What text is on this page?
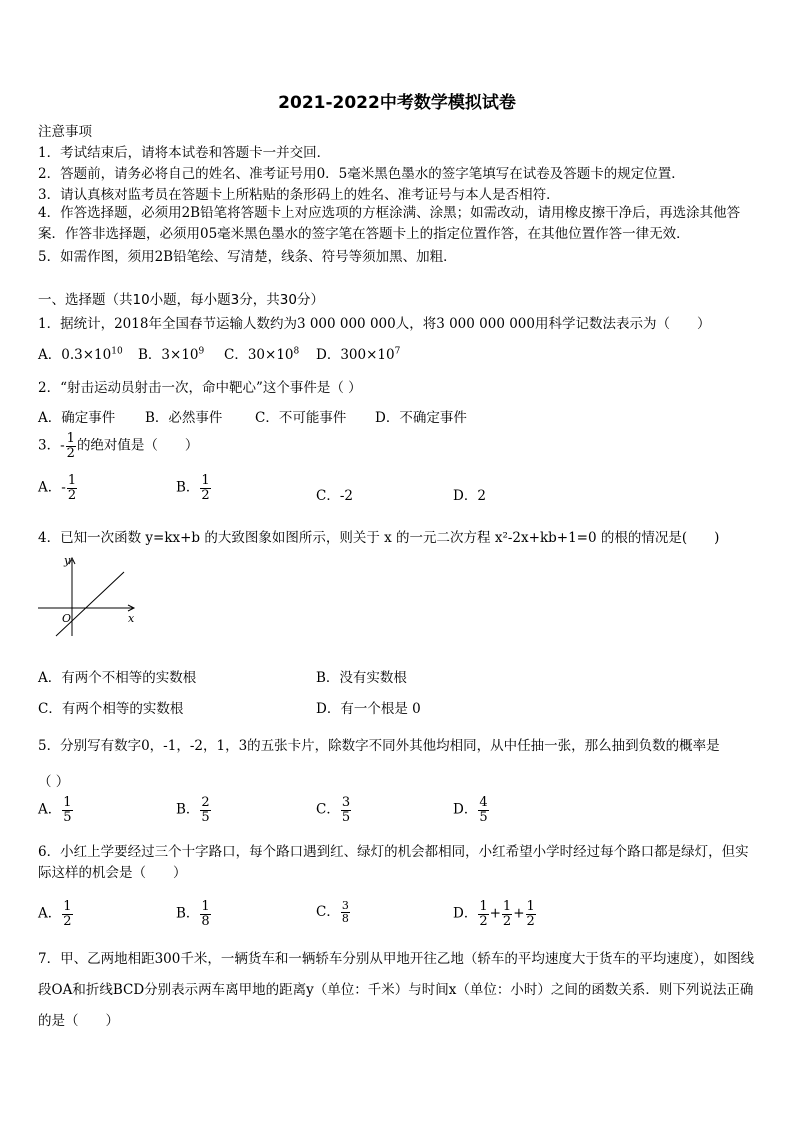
2021-2022中考数学模拟试卷
注意事项
1．考试结束后，请将本试卷和答题卡一并交回．
2．答题前，请务必将自己的姓名、准考证号用0．5毫米黑色墨水的签字笔填写在试卷及答题卡的规定位置．
3．请认真核对监考员在答题卡上所粘贴的条形码上的姓名、准考证号与本人是否相符．
4．作答选择题，必须用2B铅笔将答题卡上对应选项的方框涂满、涂黑；如需改动，请用橡皮擦干净后，再选涂其他答案．作答非选择题，必须用05毫米黑色墨水的签字笔在答题卡上的指定位置作答，在其他位置作答一律无效．
5．如需作图，须用2B铅笔绘、写清楚，线条、符号等须加黑、加粗．
一、选择题（共10小题，每小题3分，共30分）
1．据统计，2018年全国春节运输人数约为3 000 000 000人，将3 000 000 000用科学记数法表示为（　　）
A．$0.3\times 10^{10}$ B．$3\times 10^9$ C．$30\times 10^8$ D．$300\times 10^7$
2．“射击运动员射击一次，命中靶心”这个事件是（ ）
A．确定事件 B．必然事件 C．不可能事件 D．不确定事件
3．- $\frac{1}{2}$ 的绝对值是（　　）
A．- $\frac{1}{2}$	B． $\frac{1}{2}$	C．-2	D．2
4．已知一次函数 y=kx+b 的大致图象如图所示，则关于 x 的一元二次方程 x²-2x+kb+1=0 的根的情况是(　　)
y
x
O
A．有两个不相等的实数根	B．没有实数根
C．有两个相等的实数根	D．有一个根是 0
5．分别写有数字0，-1，-2，1，3的五张卡片，除数字不同外其他均相同，从中任抽一张，那么抽到负数的概率是
（ ）
A． $\frac{1}{5}$	B． $\frac{2}{5}$	C． $\frac{3}{5}$	D． $\frac{4}{5}$
6．小红上学要经过三个十字路口，每个路口遇到红、绿灯的机会都相同，小红希望小学时经过每个路口都是绿灯，但实际这样的机会是（　　）
A． $\frac{1}{2}$	B． $\frac{1}{8}$	C． $\frac{3}{8}$	D． $\frac{1}{2} + \frac{1}{2} + \frac{1}{2}$
7．甲、乙两地相距300千米，一辆货车和一辆轿车分别从甲地开往乙地（轿车的平均速度大于货车的平均速度），如图线段OA和折线BCD分别表示两车离甲地的距离y（单位：千米）与时间x（单位：小时）之间的函数关系．则下列说法正确的是（　　）
